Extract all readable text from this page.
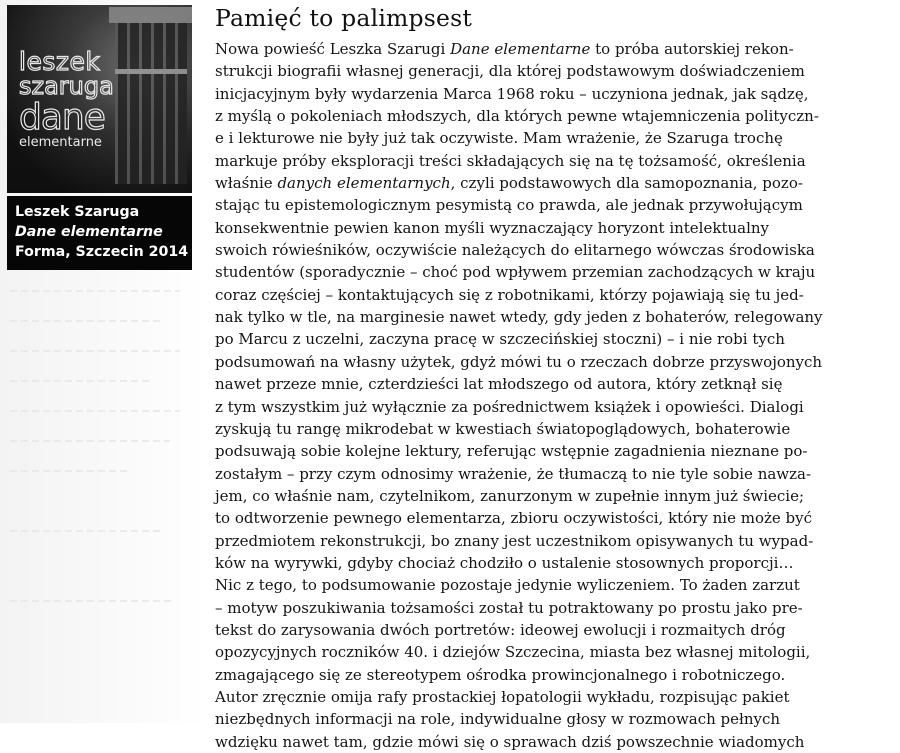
leszek
szaruga
dane
elementarne
Leszek Szaruga
Dane elementarne
Forma, Szczecin 2014
Pamięć to palimpsest
Nowa powieść Leszka Szarugi Dane elementarne to próba autorskiej rekon-
strukcji biografii własnej generacji, dla której podstawowym doświadczeniem
inicjacyjnym były wydarzenia Marca 1968 roku – uczyniona jednak, jak sądzę,
z myślą o pokoleniach młodszych, dla których pewne wtajemniczenia polityczn-
e i lekturowe nie były już tak oczywiste. Mam wrażenie, że Szaruga trochę
markuje próby eksploracji treści składających się na tę tożsamość, określenia
właśnie danych elementarnych, czyli podstawowych dla samopoznania, pozo-
stając tu epistemologicznym pesymistą co prawda, ale jednak przywołującym
konsekwentnie pewien kanon myśli wyznaczający horyzont intelektualny
swoich rówieśników, oczywiście należących do elitarnego wówczas środowiska
studentów (sporadycznie – choć pod wpływem przemian zachodzących w kraju
coraz częściej – kontaktujących się z robotnikami, którzy pojawiają się tu jed-
nak tylko w tle, na marginesie nawet wtedy, gdy jeden z bohaterów, relegowany
po Marcu z uczelni, zaczyna pracę w szczecińskiej stoczni) – i nie robi tych
podsumowań na własny użytek, gdyż mówi tu o rzeczach dobrze przyswojonych
nawet przeze mnie, czterdzieści lat młodszego od autora, który zetknął się
z tym wszystkim już wyłącznie za pośrednictwem książek i opowieści. Dialogi
zyskują tu rangę mikrodebat w kwestiach światopoglądowych, bohaterowie
podsuwają sobie kolejne lektury, referując wstępnie zagadnienia nieznane po-
zostałym – przy czym odnosimy wrażenie, że tłumaczą to nie tyle sobie nawza-
jem, co właśnie nam, czytelnikom, zanurzonym w zupełnie innym już świecie;
to odtworzenie pewnego elementarza, zbioru oczywistości, który nie może być
przedmiotem rekonstrukcji, bo znany jest uczestnikom opisywanych tu wypad-
ków na wyrywki, gdyby chociaż chodziło o ustalenie stosownych proporcji…
Nic z tego, to podsumowanie pozostaje jedynie wyliczeniem. To żaden zarzut
– motyw poszukiwania tożsamości został tu potraktowany po prostu jako pre-
tekst do zarysowania dwóch portretów: ideowej ewolucji i rozmaitych dróg
opozycyjnych roczników 40. i dziejów Szczecina, miasta bez własnej mitologii,
zmagającego się ze stereotypem ośrodka prowincjonalnego i robotniczego.
Autor zręcznie omija rafy prostackiej łopatologii wykładu, rozpisując pakiet
niezbędnych informacji na role, indywidualne głosy w rozmowach pełnych
wdzięku nawet tam, gdzie mówi się o sprawach dziś powszechnie wiadomych
